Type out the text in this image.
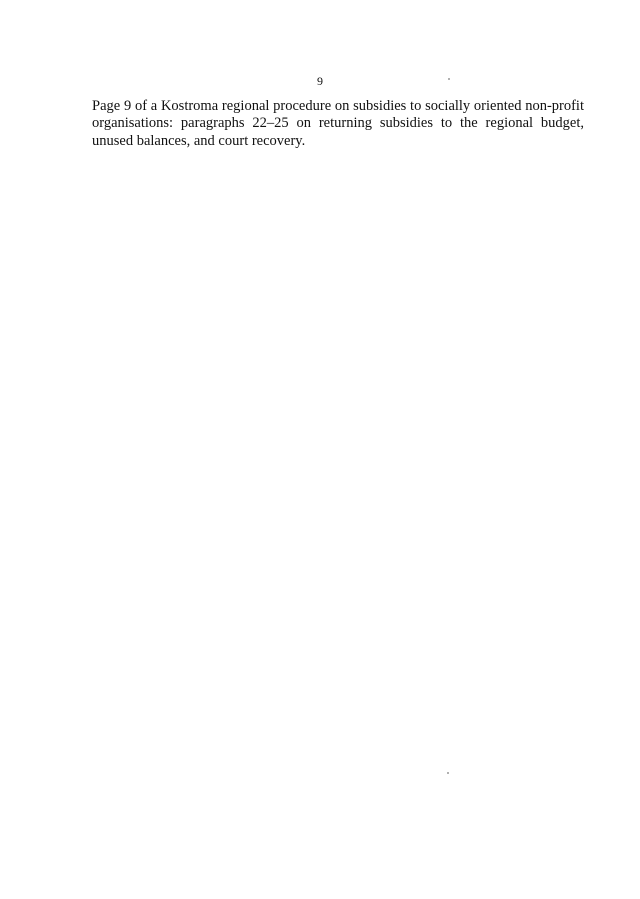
9

Page 9 of a Kostroma regional procedure on subsidies to socially oriented non-profit organisations: paragraphs 22–25 on returning subsidies to the regional budget, unused balances, and court recovery.
